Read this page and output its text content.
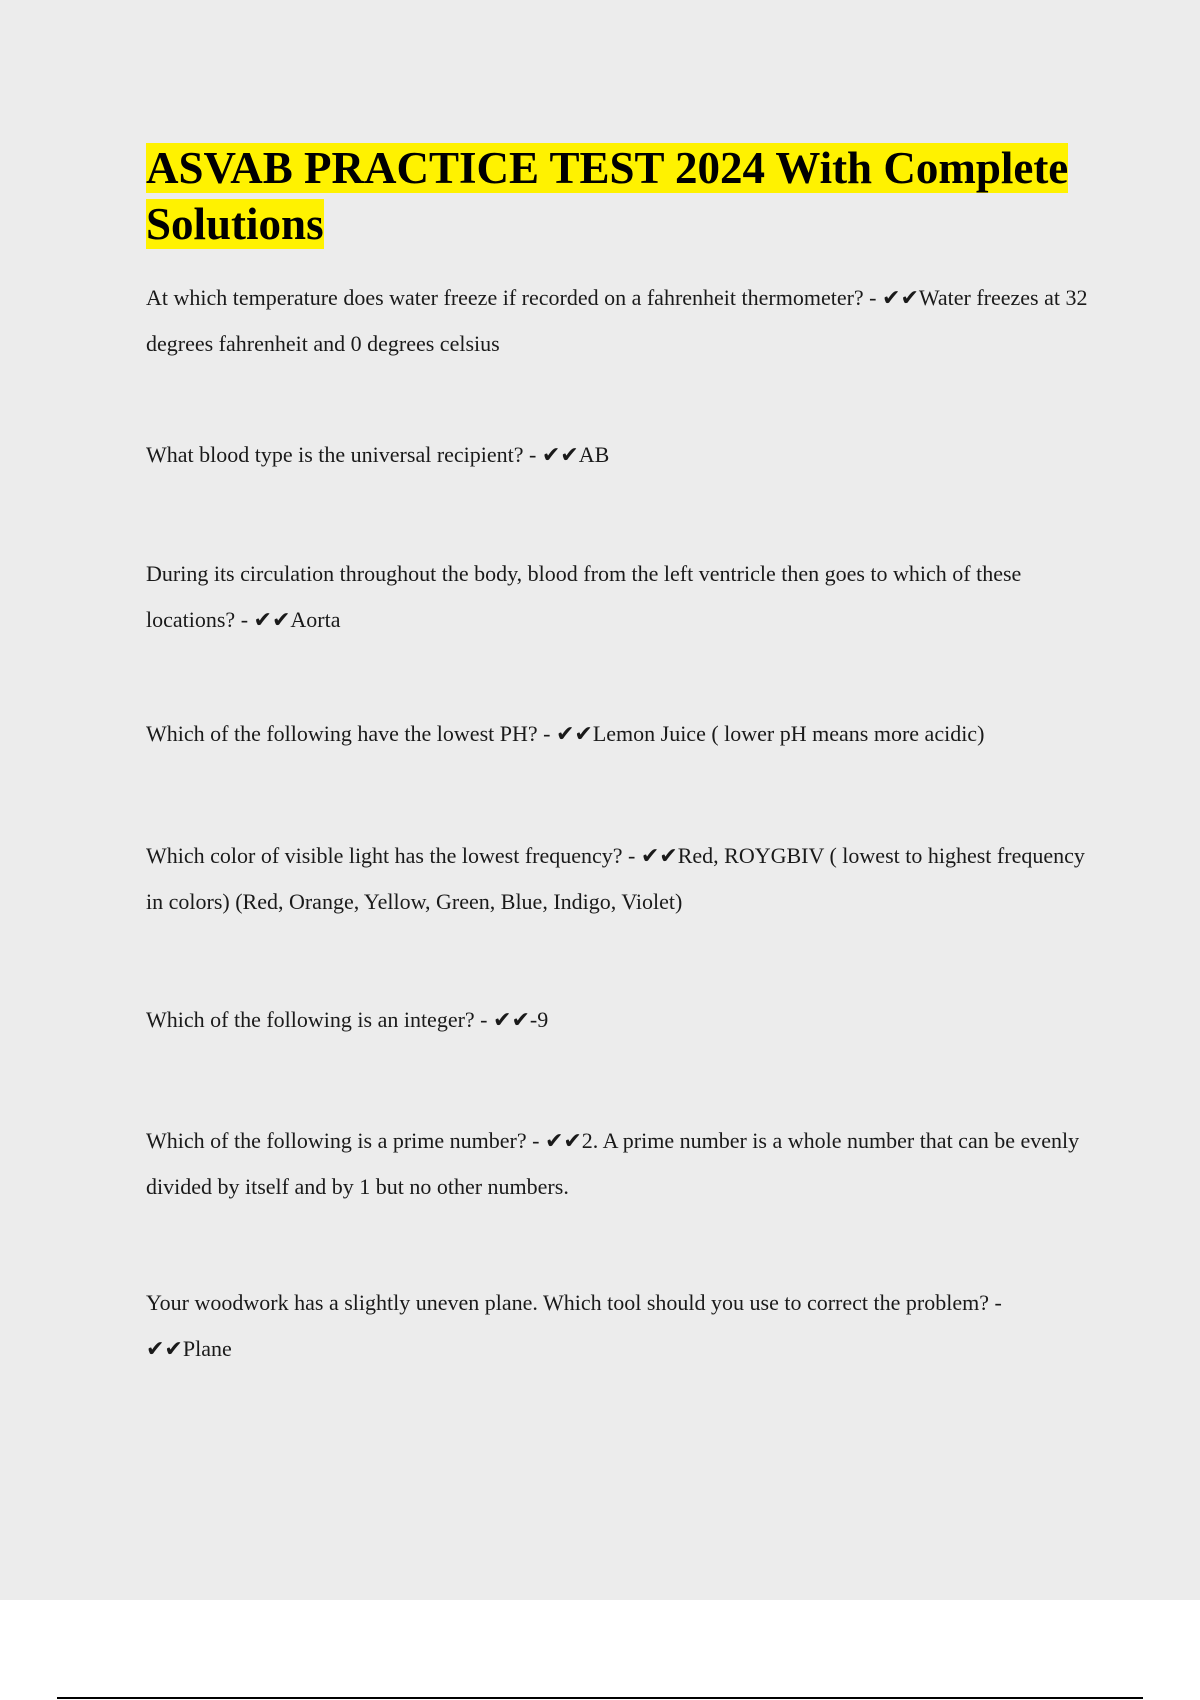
ASVAB PRACTICE TEST 2024 With Complete Solutions

At which temperature does water freeze if recorded on a fahrenheit thermometer? - ✔✔Water freezes at 32 degrees fahrenheit and 0 degrees celsius

What blood type is the universal recipient? - ✔✔AB

During its circulation throughout the body, blood from the left ventricle then goes to which of these locations? - ✔✔Aorta

Which of the following have the lowest PH? - ✔✔Lemon Juice ( lower pH means more acidic)

Which color of visible light has the lowest frequency? - ✔✔Red, ROYGBIV ( lowest to highest frequency in colors) (Red, Orange, Yellow, Green, Blue, Indigo, Violet)

Which of the following is an integer? - ✔✔-9

Which of the following is a prime number? - ✔✔2. A prime number is a whole number that can be evenly divided by itself and by 1 but no other numbers.

Your woodwork has a slightly uneven plane. Which tool should you use to correct the problem? - ✔✔Plane
